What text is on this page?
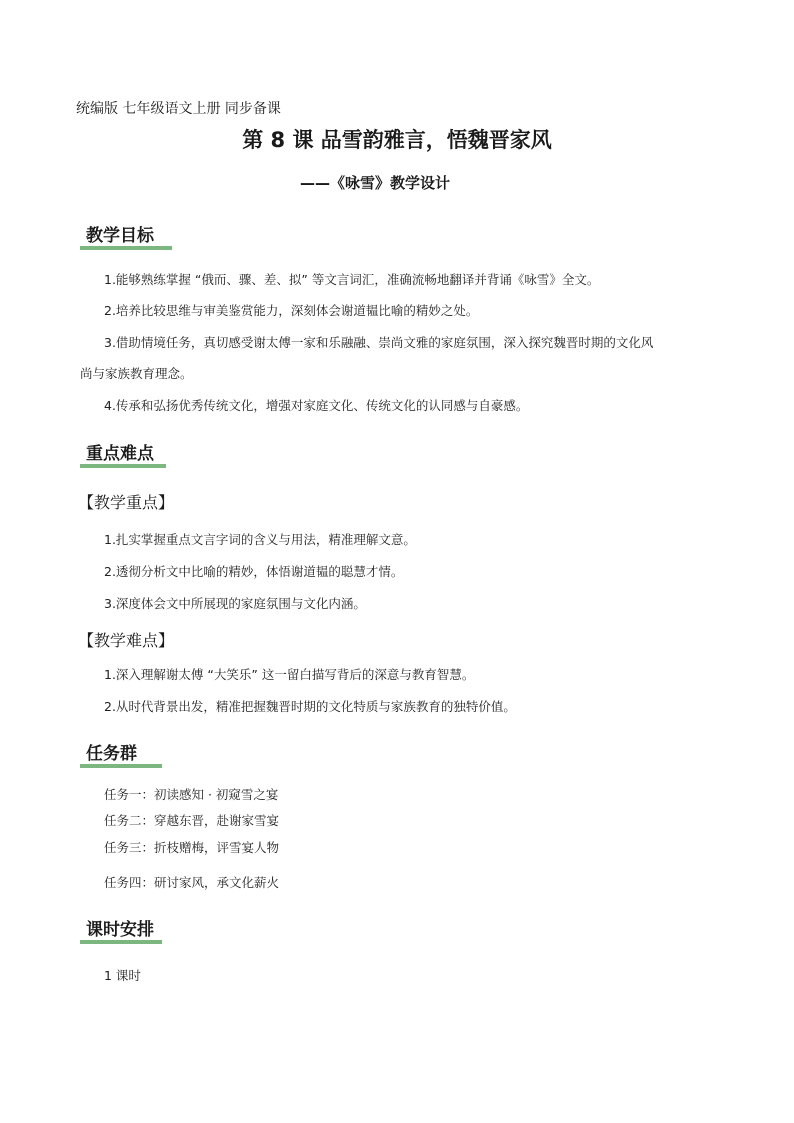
统编版 七年级语文上册 同步备课
第 8 课 品雪韵雅言，悟魏晋家风
——《咏雪》教学设计
教学目标
1.能够熟练掌握 “俄而、骤、差、拟” 等文言词汇，准确流畅地翻译并背诵《咏雪》全文。
2.培养比较思维与审美鉴赏能力，深刻体会谢道韫比喻的精妙之处。
3.借助情境任务，真切感受谢太傅一家和乐融融、崇尚文雅的家庭氛围，深入探究魏晋时期的文化风
尚与家族教育理念。
4.传承和弘扬优秀传统文化，增强对家庭文化、传统文化的认同感与自豪感。
重点难点
【教学重点】
1.扎实掌握重点文言字词的含义与用法，精准理解文意。
2.透彻分析文中比喻的精妙，体悟谢道韫的聪慧才情。
3.深度体会文中所展现的家庭氛围与文化内涵。
【教学难点】
1.深入理解谢太傅 “大笑乐” 这一留白描写背后的深意与教育智慧。
2.从时代背景出发，精准把握魏晋时期的文化特质与家族教育的独特价值。
任务群
任务一：初读感知 · 初窥雪之宴
任务二：穿越东晋，赴谢家雪宴
任务三：折枝赠梅，评雪宴人物
任务四：研讨家风，承文化薪火
课时安排
1 课时
